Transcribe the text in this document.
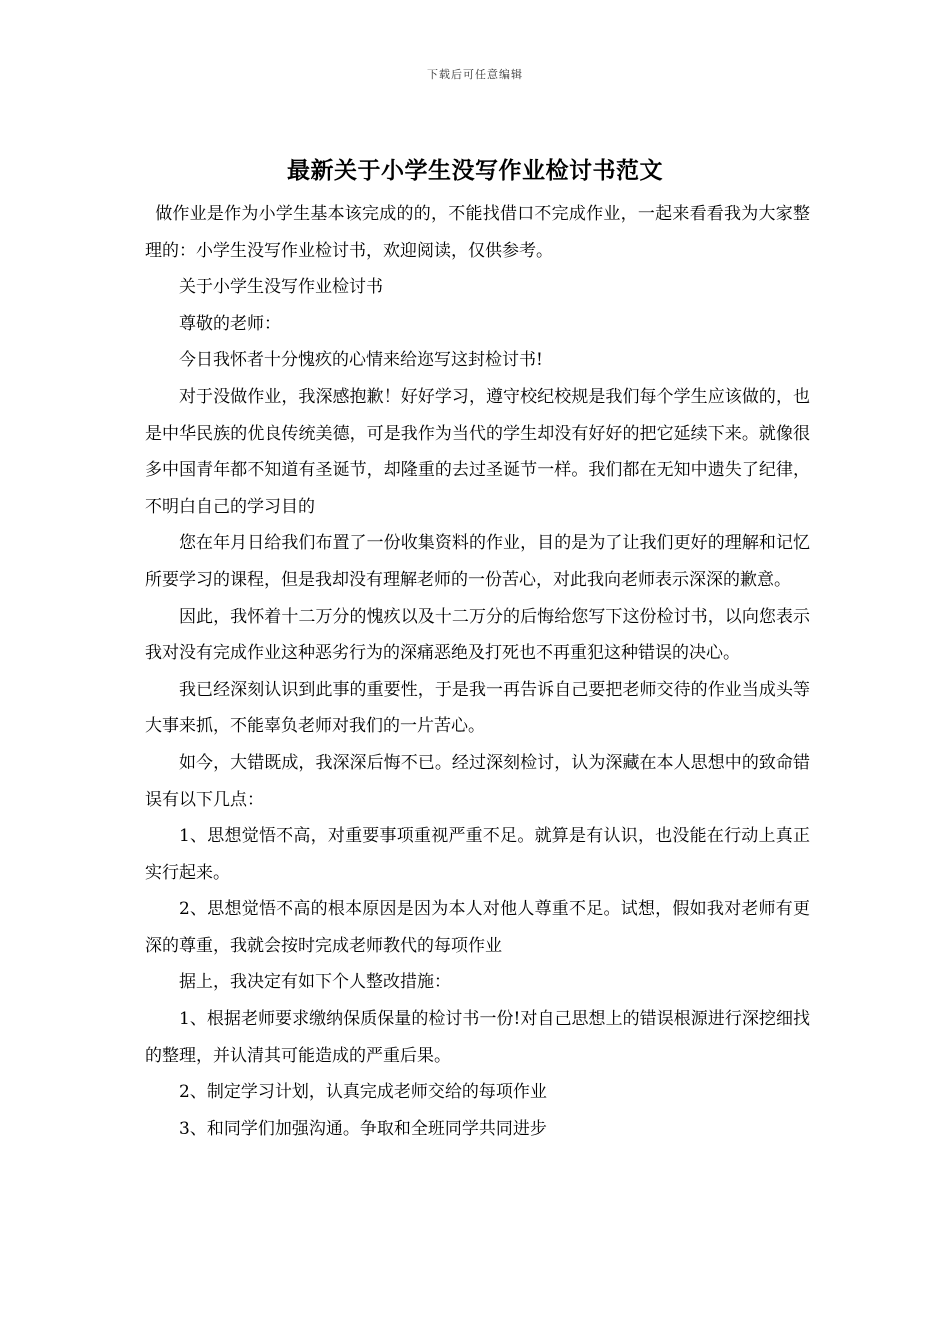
下载后可任意编辑
最新关于小学生没写作业检讨书范文

做作业是作为小学生基本该完成的的，不能找借口不完成作业，一起来看看我为大家整理的：小学生没写作业检讨书，欢迎阅读，仅供参考。

关于小学生没写作业检讨书

尊敬的老师：

今日我怀者十分愧疚的心情来给迩写这封检讨书!

对于没做作业，我深感抱歉！好好学习，遵守校纪校规是我们每个学生应该做的，也是中华民族的优良传统美德，可是我作为当代的学生却没有好好的把它延续下来。就像很多中国青年都不知道有圣诞节，却隆重的去过圣诞节一样。我们都在无知中遗失了纪律，不明白自己的学习目的

您在年月日给我们布置了一份收集资料的作业，目的是为了让我们更好的理解和记忆所要学习的课程，但是我却没有理解老师的一份苦心，对此我向老师表示深深的歉意。

因此，我怀着十二万分的愧疚以及十二万分的后悔给您写下这份检讨书，以向您表示我对没有完成作业这种恶劣行为的深痛恶绝及打死也不再重犯这种错误的决心。

我已经深刻认识到此事的重要性，于是我一再告诉自己要把老师交待的作业当成头等大事来抓，不能辜负老师对我们的一片苦心。

如今，大错既成，我深深后悔不已。经过深刻检讨，认为深藏在本人思想中的致命错误有以下几点：

1、思想觉悟不高，对重要事项重视严重不足。就算是有认识，也没能在行动上真正实行起来。

2、思想觉悟不高的根本原因是因为本人对他人尊重不足。试想，假如我对老师有更深的尊重，我就会按时完成老师教代的每项作业

据上，我决定有如下个人整改措施：

1、根据老师要求缴纳保质保量的检讨书一份!对自己思想上的错误根源进行深挖细找的整理，并认清其可能造成的严重后果。

2、制定学习计划，认真完成老师交给的每项作业

3、和同学们加强沟通。争取和全班同学共同进步
